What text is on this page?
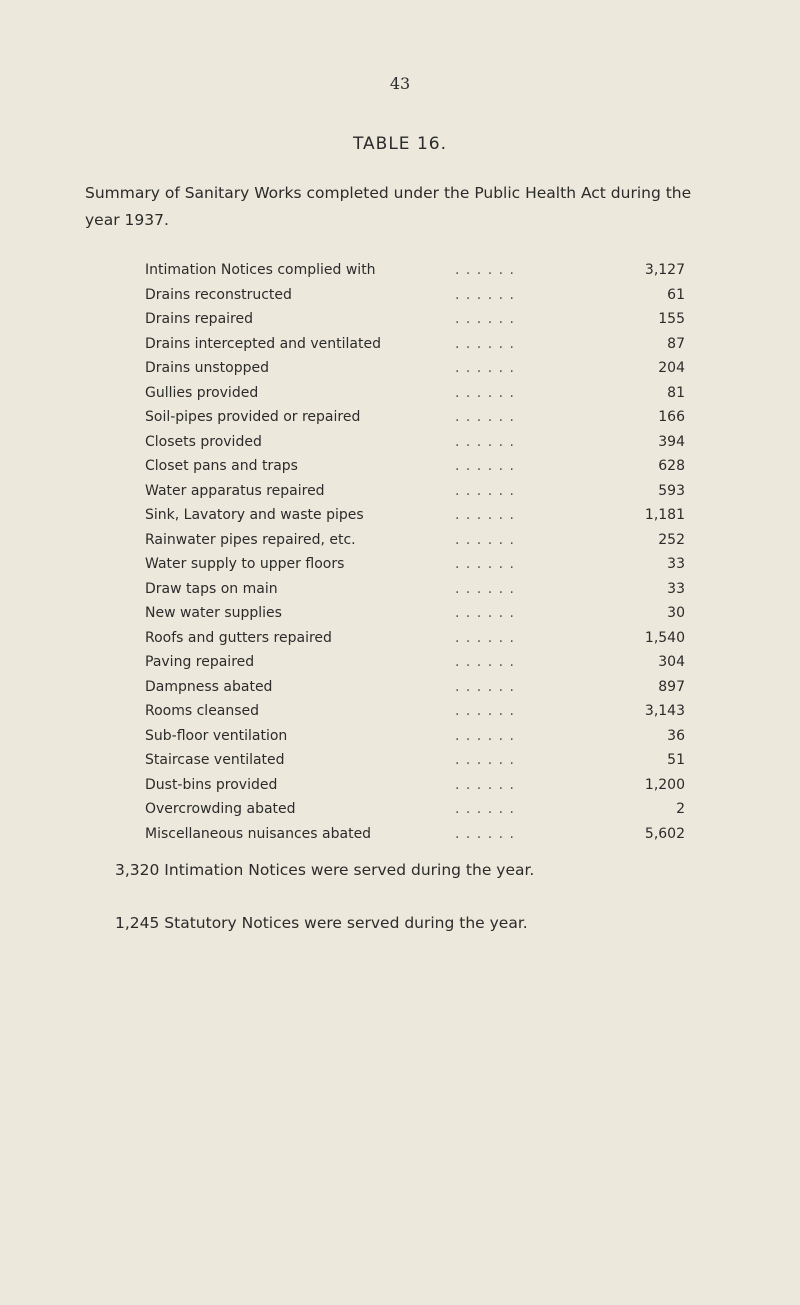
43
TABLE 16.
Summary of Sanitary Works completed under the Public Health Act during the year 1937.
Intimation Notices complied with	. . . . . .	3,127
Drains reconstructed	. . . . . .	61
Drains repaired	. . . . . .	155
Drains intercepted and ventilated	. . . . . .	87
Drains unstopped	. . . . . .	204
Gullies provided	. . . . . .	81
Soil-pipes provided or repaired	. . . . . .	166
Closets provided	. . . . . .	394
Closet pans and traps	. . . . . .	628
Water apparatus repaired	. . . . . .	593
Sink, Lavatory and waste pipes	. . . . . .	1,181
Rainwater pipes repaired, etc.	. . . . . .	252
Water supply to upper floors	. . . . . .	33
Draw taps on main	. . . . . .	33
New water supplies	. . . . . .	30
Roofs and gutters repaired	. . . . . .	1,540
Paving repaired	. . . . . .	304
Dampness abated	. . . . . .	897
Rooms cleansed	. . . . . .	3,143
Sub-floor ventilation	. . . . . .	36
Staircase ventilated	. . . . . .	51
Dust-bins provided	. . . . . .	1,200
Overcrowding abated	. . . . . .	2
Miscellaneous nuisances abated	. . . . . .	5,602
3,320 Intimation Notices were served during the year.
1,245 Statutory Notices were served during the year.
